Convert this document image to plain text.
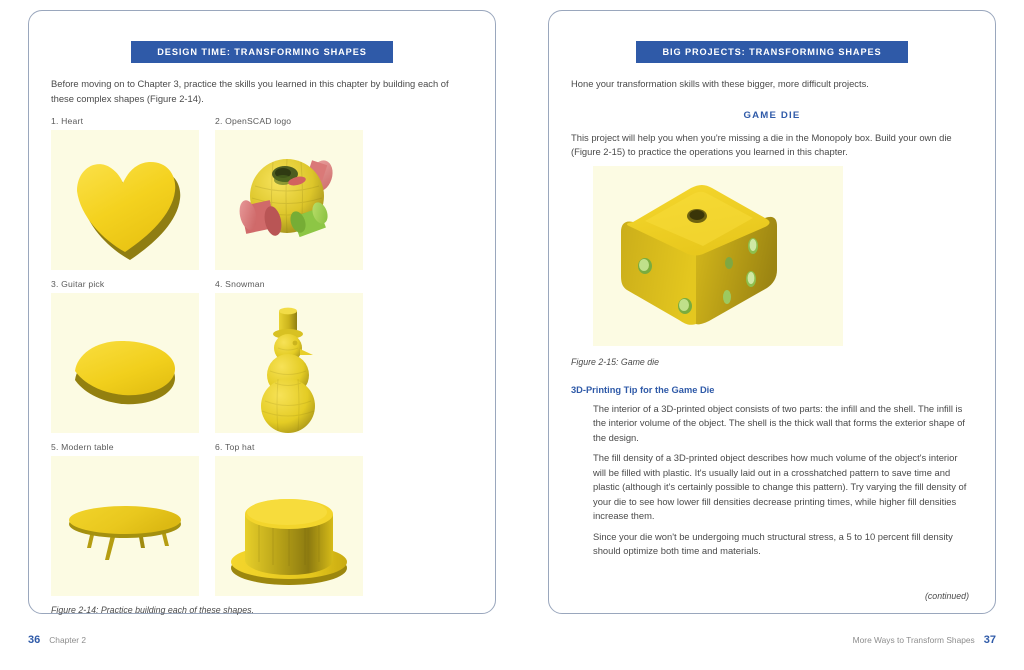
DESIGN TIME: TRANSFORMING SHAPES

Before moving on to Chapter 3, practice the skills you learned in this chapter by building each of these complex shapes (Figure 2-14).

1. Heart	2. OpenSCAD logo
3. Guitar pick	4. Snowman
5. Modern table	6. Top hat
Figure 2-14: Practice building each of these shapes.
36 Chapter 2
BIG PROJECTS: TRANSFORMING SHAPES

Hone your transformation skills with these bigger, more difficult projects.

GAME DIE

This project will help you when you're missing a die in the Monopoly box. Build your own die (Figure 2-15) to practice the operations you learned in this chapter.

Figure 2-15: Game die
3D-Printing Tip for the Game Die

The interior of a 3D-printed object consists of two parts: the infill and the shell. The infill is the interior volume of the object. The shell is the thick wall that forms the exterior shape of the design.

The fill density of a 3D-printed object describes how much volume of the object's interior will be filled with plastic. It's usually laid out in a crosshatched pattern to save time and plastic (although it's certainly possible to change this pattern). Try varying the fill density of your die to see how lower fill densities decrease printing times, while higher fill densities increase them.

Since your die won't be undergoing much structural stress, a 5 to 10 percent fill density should optimize both time and materials.

(continued)
More Ways to Transform Shapes 37
